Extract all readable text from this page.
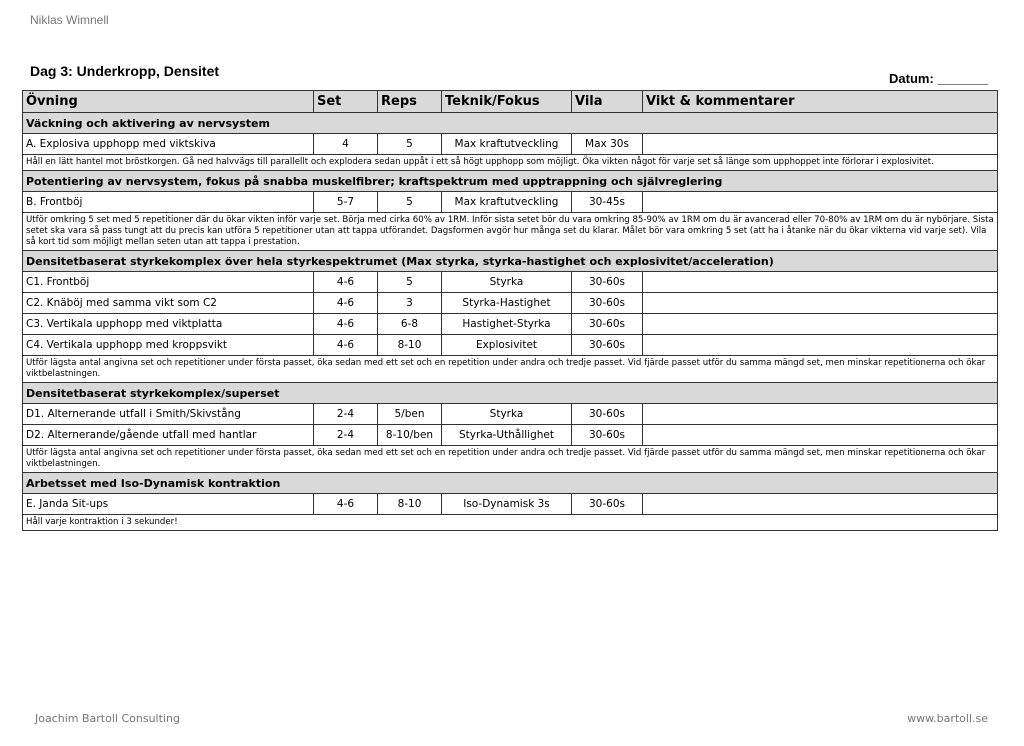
Niklas Wimnell
Dag 3: Underkropp, Densitet	Datum: _______
Övning	Set	Reps	Teknik/Fokus	Vila	Vikt & kommentarer
Väckning och aktivering av nervsystem					
A. Explosiva upphopp med viktskiva	4	5	Max kraftutveckling	Max 30s	
Håll en lätt hantel mot bröstkorgen. Gå ned halvvägs till parallellt och explodera sedan uppåt i ett så högt upphopp som möjligt. Öka vikten något för varje set så länge som upphoppet inte förlorar i explosivitet.					
Potentiering av nervsystem, fokus på snabba muskelfibrer; kraftspektrum med upptrappning och självreglering					
B. Frontböj	5-7	5	Max kraftutveckling	30-45s	
Utför omkring 5 set med 5 repetitioner där du ökar vikten inför varje set. Börja med cirka 60% av 1RM. Inför sista setet bör du vara omkring 85-90% av 1RM om du är avancerad eller 70-80% av 1RM om du är nybörjare. Sista setet ska vara så pass tungt att du precis kan utföra 5 repetitioner utan att tappa utförandet. Dagsformen avgör hur många set du klarar. Målet bör vara omkring 5 set (att ha i åtanke när du ökar vikterna vid varje set). Vila så kort tid som möjligt mellan seten utan att tappa i prestation.					
Densitetbaserat styrkekomplex över hela styrkespektrumet (Max styrka, styrka-hastighet och explosivitet/acceleration)					
C1. Frontböj	4-6	5	Styrka	30-60s	
C2. Knäböj med samma vikt som C2	4-6	3	Styrka-Hastighet	30-60s	
C3. Vertikala upphopp med viktplatta	4-6	6-8	Hastighet-Styrka	30-60s	
C4. Vertikala upphopp med kroppsvikt	4-6	8-10	Explosivitet	30-60s	
Utför lägsta antal angivna set och repetitioner under första passet, öka sedan med ett set och en repetition under andra och tredje passet. Vid fjärde passet utför du samma mängd set, men minskar repetitionerna och ökar viktbelastningen.					
Densitetbaserat styrkekomplex/superset					
D1. Alternerande utfall i Smith/Skivstång	2-4	5/ben	Styrka	30-60s	
D2. Alternerande/gående utfall med hantlar	2-4	8-10/ben	Styrka-Uthållighet	30-60s	
Utför lägsta antal angivna set och repetitioner under första passet, öka sedan med ett set och en repetition under andra och tredje passet. Vid fjärde passet utför du samma mängd set, men minskar repetitionerna och ökar viktbelastningen.					
Arbetsset med Iso-Dynamisk kontraktion					
E. Janda Sit-ups	4-6	8-10	Iso-Dynamisk 3s	30-60s	
Håll varje kontraktion i 3 sekunder!					
Joachim Bartoll Consulting	www.bartoll.se
